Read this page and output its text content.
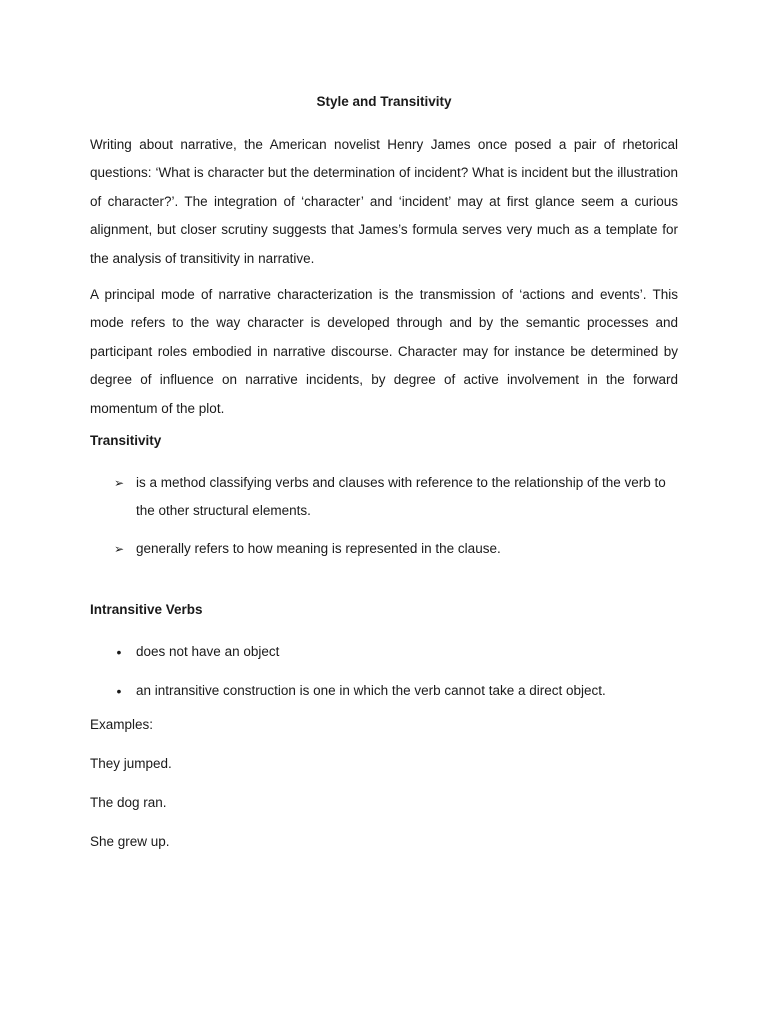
Style and Transitivity

Writing about narrative, the American novelist Henry James once posed a pair of rhetorical questions: ‘What is character but the determination of incident? What is incident but the illustration of character?’. The integration of ‘character’ and ‘incident’ may at first glance seem a curious alignment, but closer scrutiny suggests that James’s formula serves very much as a template for the analysis of transitivity in narrative.

A principal mode of narrative characterization is the transmission of ‘actions and events’. This mode refers to the way character is developed through and by the semantic processes and participant roles embodied in narrative discourse. Character may for instance be determined by degree of influence on narrative incidents, by degree of active involvement in the forward momentum of the plot.

Transitivity
➢ is a method classifying verbs and clauses with reference to the relationship of the verb to the other structural elements.
➢ generally refers to how meaning is represented in the clause.
Intransitive Verbs
•	does not have an object
•	an intransitive construction is one in which the verb cannot take a direct object.
Examples:
They jumped.
The dog ran.
She grew up.
